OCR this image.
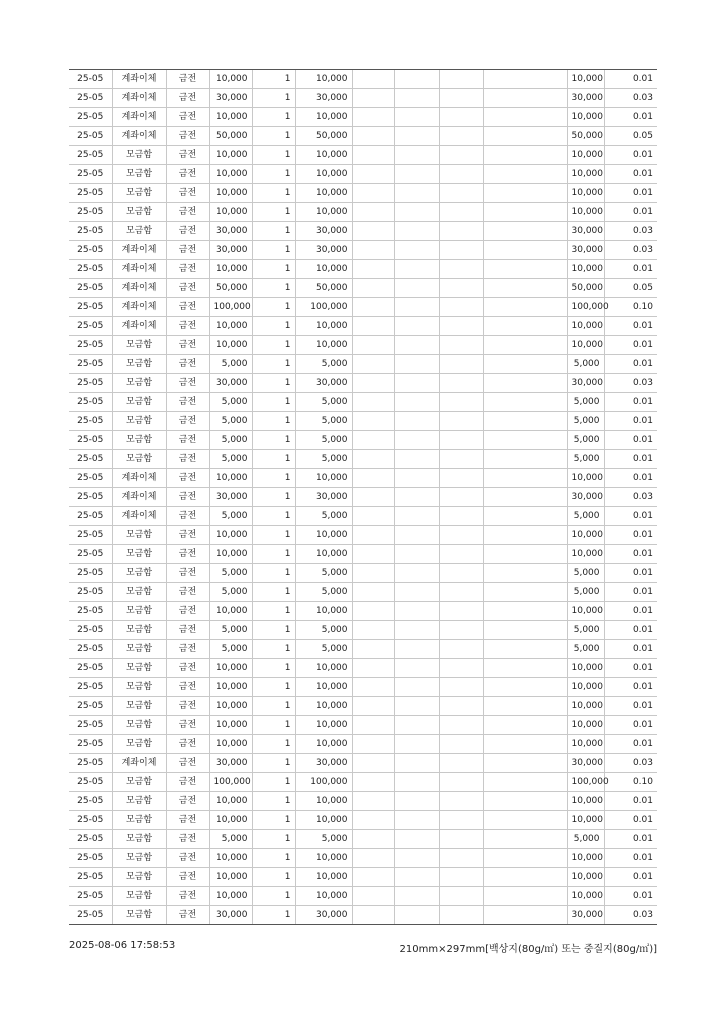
25-05	계좌이체	금전	10,000	1	10,000					10,000	0.01
25-05	계좌이체	금전	30,000	1	30,000					30,000	0.03
25-05	계좌이체	금전	10,000	1	10,000					10,000	0.01
25-05	계좌이체	금전	50,000	1	50,000					50,000	0.05
25-05	모금함	금전	10,000	1	10,000					10,000	0.01
25-05	모금함	금전	10,000	1	10,000					10,000	0.01
25-05	모금함	금전	10,000	1	10,000					10,000	0.01
25-05	모금함	금전	10,000	1	10,000					10,000	0.01
25-05	모금함	금전	30,000	1	30,000					30,000	0.03
25-05	계좌이체	금전	30,000	1	30,000					30,000	0.03
25-05	계좌이체	금전	10,000	1	10,000					10,000	0.01
25-05	계좌이체	금전	50,000	1	50,000					50,000	0.05
25-05	계좌이체	금전	100,000	1	100,000					100,000	0.10
25-05	계좌이체	금전	10,000	1	10,000					10,000	0.01
25-05	모금함	금전	10,000	1	10,000					10,000	0.01
25-05	모금함	금전	5,000	1	5,000					5,000	0.01
25-05	모금함	금전	30,000	1	30,000					30,000	0.03
25-05	모금함	금전	5,000	1	5,000					5,000	0.01
25-05	모금함	금전	5,000	1	5,000					5,000	0.01
25-05	모금함	금전	5,000	1	5,000					5,000	0.01
25-05	모금함	금전	5,000	1	5,000					5,000	0.01
25-05	계좌이체	금전	10,000	1	10,000					10,000	0.01
25-05	계좌이체	금전	30,000	1	30,000					30,000	0.03
25-05	계좌이체	금전	5,000	1	5,000					5,000	0.01
25-05	모금함	금전	10,000	1	10,000					10,000	0.01
25-05	모금함	금전	10,000	1	10,000					10,000	0.01
25-05	모금함	금전	5,000	1	5,000					5,000	0.01
25-05	모금함	금전	5,000	1	5,000					5,000	0.01
25-05	모금함	금전	10,000	1	10,000					10,000	0.01
25-05	모금함	금전	5,000	1	5,000					5,000	0.01
25-05	모금함	금전	5,000	1	5,000					5,000	0.01
25-05	모금함	금전	10,000	1	10,000					10,000	0.01
25-05	모금함	금전	10,000	1	10,000					10,000	0.01
25-05	모금함	금전	10,000	1	10,000					10,000	0.01
25-05	모금함	금전	10,000	1	10,000					10,000	0.01
25-05	모금함	금전	10,000	1	10,000					10,000	0.01
25-05	계좌이체	금전	30,000	1	30,000					30,000	0.03
25-05	모금함	금전	100,000	1	100,000					100,000	0.10
25-05	모금함	금전	10,000	1	10,000					10,000	0.01
25-05	모금함	금전	10,000	1	10,000					10,000	0.01
25-05	모금함	금전	5,000	1	5,000					5,000	0.01
25-05	모금함	금전	10,000	1	10,000					10,000	0.01
25-05	모금함	금전	10,000	1	10,000					10,000	0.01
25-05	모금함	금전	10,000	1	10,000					10,000	0.01
25-05	모금함	금전	30,000	1	30,000					30,000	0.03
2025-08-06 17:58:53	210mm×297mm[백상지(80g/㎡) 또는 중질지(80g/㎡)]
